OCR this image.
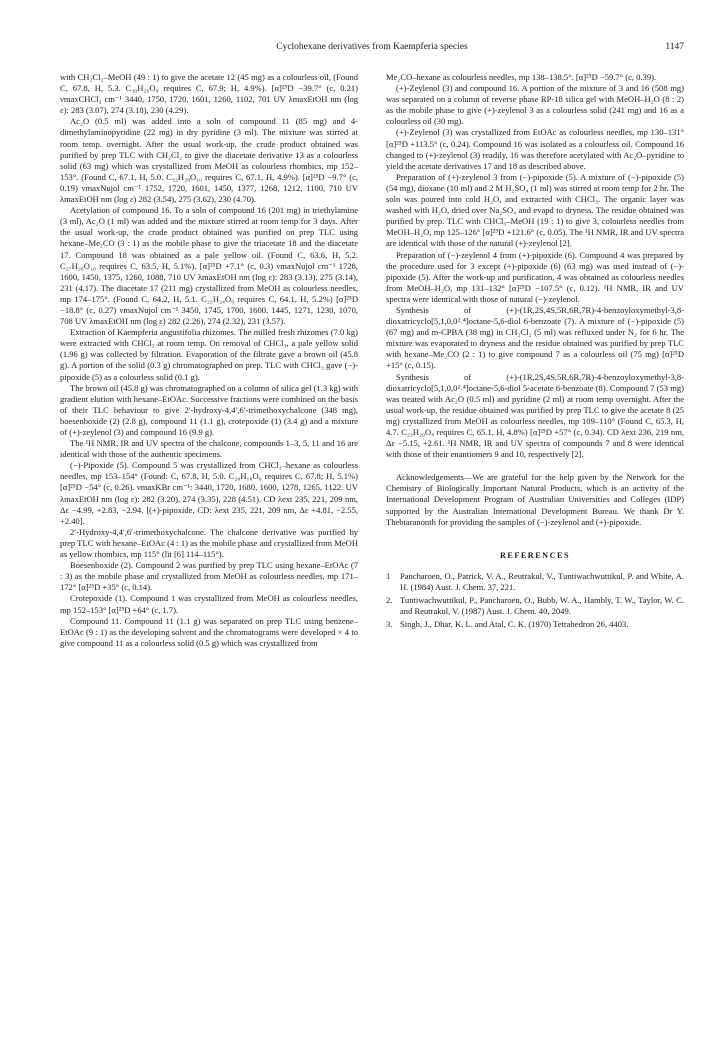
Cyclohexane derivatives from Kaempferia species	1147

with CH₂Cl₂–MeOH (49 : 1) to give the acetate 12 (45 mg) as a colourless oil, (Found C, 67.8, H, 5.3. C₃₀H₂₆O₉ requires C, 67.9; H, 4.9%). [α]²⁵D −39.7° (c, 0.21) νmaxCHCl₃ cm⁻¹ 3440, 1750, 1720, 1601, 1260, 1102, 701 UV λmaxEtOH nm (log ε): 283 (3.07), 274 (3.18), 230 (4.29).

Ac₂O (0.5 ml) was added into a soln of compound 11 (85 mg) and 4-dimethylaminopyridine (22 mg) in dry pyridine (3 ml). The mixture was stirred at room temp. overnight. After the usual work-up, the crude product obtained was purified by prep TLC with CH₂Cl₂ to give the diacetate derivative 13 as a colourless solid (63 mg) which was crystallized from MeOH as colourless rhombics, mp 152–153°. (Found C, 67.1, H, 5.0. C₃₂H₂₈O₁₀ requires C, 67.1, H, 4.9%). [α]²⁵D −9.7° (c, 0.19) νmaxNujol cm⁻¹ 1752, 1720, 1601, 1450, 1377, 1268, 1212, 1100, 710 UV λmaxEtOH nm (log ε) 282 (3.54), 275 (3.62), 230 (4.70).

Acetylation of compound 16. To a soln of compound 16 (201 mg) in triethylamine (3 ml), Ac₂O (1 ml) was added and the mixture stirred at room temp for 3 days. After the usual work-up, the crude product obtained was purified on prep TLC using hexane–Me₂CO (3 : 1) as the mobile phase to give the triacetate 18 and the diacetate 17. Compound 18 was obtained as a pale yellow oil. (Found C, 63.6, H, 5.2. C₂₇H₂₆O₁₀ requires C, 63.5, H, 5.1%). [α]²⁵D +7.1° (c, 0.3) νmaxNujol cm⁻¹ 1728, 1600, 1450, 1375, 1260, 1088, 710 UV λmaxEtOH nm (log ε): 283 (3.13), 275 (3.14), 231 (4.17). The diacetate 17 (211 mg) crystallized from MeOH as colourless needles, mp 174–175°. (Found C, 64.2, H, 5.1. C₂₅H₂₄O₉ requires C, 64.1, H, 5.2%) [α]²⁵D −18.8° (c, 0.27) νmaxNujol cm⁻¹ 3450, 1745, 1700, 1600, 1445, 1271, 1230, 1070, 708 UV λmaxEtOH nm (log ε) 282 (2.26), 274 (2.32), 231 (3.57).

Extraction of Kaempferia angustifolia rhizomes. The milled fresh rhizomes (7.0 kg) were extracted with CHCl₃ at room temp. On removal of CHCl₃, a pale yellow solid (1.96 g) was collected by filtration. Evaporation of the filtrate gave a brown oil (45.8 g). A portion of the solid (0.3 g) chromatographed on prep. TLC with CHCl₃ gave (−)-pipoxide (5) as a colourless solid (0.1 g).

The brown oil (45.8 g) was chromatographed on a column of silica gel (1.3 kg) with gradient elution with hexane–EtOAc. Successive fractions were combined on the basis of their TLC behaviour to give 2′-hydroxy-4,4′,6′-trimethoxychalcone (348 mg), boesenboxide (2) (2.8 g), compound 11 (1.1 g), crotepoxide (1) (3.4 g) and a mixture of (+)-zeylenol (3) and compound 16 (9.9 g).

The ¹H NMR, IR and UV spectra of the chalcone, compounds 1–3, 5, 11 and 16 are identical with those of the authentic specimens.

(−)-Pipoxide (5). Compound 5 was crystallized from CHCl₃–hexane as colourless needles, mp 153–154° (Found: C, 67.8, H, 5.0. C₂₀H₁₈O₆ requires C, 67.8; H, 5.1%) [α]²⁵D −54° (c, 0.26). νmaxKBr cm⁻¹: 3440, 1720, 1680, 1600, 1278, 1265, 1122. UV λmaxEtOH nm (log ε): 282 (3.20), 274 (3.35), 228 (4.51). CD λext 235, 221, 209 nm, Δε −4.99, +2.83, −2.94. [(+)-pipoxide, CD: λext 235, 221, 209 nm, Δε +4.81, −2.55, +2.40].

2′-Hydroxy-4,4′,6′-trimethoxychalcone. The chalcone derivative was purified by prep TLC with hexane–EtOAc (4 : 1) as the mobile phase and crystallized from MeOH as yellow rhombics, mp 115° (lit [6] 114–115°).

Boesenboxide (2). Compound 2 was purified by prep TLC using hexane–EtOAc (7 : 3) as the mobile phase and crystallized from MeOH as colourless needles, mp 171–172° [α]²⁵D +35° (c, 0.14).

Crotepoxide (1). Compound 1 was crystallized from MeOH as colourless needles, mp 152–153° [α]²⁵D +64° (c, 1.7).

Compound 11. Compound 11 (1.1 g) was separated on prep TLC using benzene–EtOAc (9 : 1) as the developing solvent and the chromatograms were developed × 4 to give compound 11 as a colourless solid (0.5 g) which was crystallized from

Me₂CO–hexane as colourless needles, mp 138–138.5°. [α]²⁵D −59.7° (c, 0.39).

(+)-Zeylenol (3) and compound 16. A portion of the mixture of 3 and 16 (508 mg) was separated on a column of reverse phase RP-18 silica gel with MeOH–H₂O (8 : 2) as the mobile phase to give (+)-zeylenol 3 as a colourless solid (241 mg) and 16 as a colourless oil (30 mg).

(+)-Zeylenol (3) was crystallized from EtOAc as colourless needles, mp 130–131° [α]²⁵D +113.5° (c, 0.24). Compound 16 was isolated as a colourless oil. Compound 16 changed to (+)-zeylenol (3) readily, 16 was therefore acetylated with Ac₂O–pyridine to yield the acetate derivatives 17 and 18 as described above.

Preparation of (+)-zeylenol 3 from (−)-pipoxide (5). A mixture of (−)-pipoxide (5) (54 mg), dioxane (10 ml) and 2 M H₂SO₄ (1 ml) was stirred at room temp for 2 hr. The soln was poured into cold H₂O, and extracted with CHCl₃. The organic layer was washed with H₂O, dried over Na₂SO₄ and evapd to dryness. The residue obtained was purified by prep. TLC with CHCl₃–MeOH (19 : 1) to give 3, colourless needles from MeOH–H₂O, mp 125–126° [α]²⁵D +121.6° (c, 0.05). The ¹H NMR, IR and UV spectra are identical with those of the natural (+)-zeylenol [2].

Preparation of (−)-zeylenol 4 from (+)-pipoxide (6). Compound 4 was prepared by the procedure used for 3 except (+)-pipoxide (6) (63 mg) was used instead of (−)-pipoxide (5). After the work-up and purification, 4 was obtained as colourless needles from MeOH–H₂O, mp 131–132° [α]²⁵D −107.5° (c, 0.12). ¹H NMR, IR and UV spectra were identical with those of natural (−)-zeylenol.

Synthesis of (+)-(1R,2S,4S,5R,6R,7R)-4-benzoyloxymethyl-3,8-dioxatricyclo[5,1,0,0²˒⁴]octane-5,6-diol 6-benzoate (7). A mixture of (−)-pipoxide (5) (67 mg) and m-CPBA (38 mg) in CH₂Cl₂ (5 ml) was refluxed under N₂ for 6 hr. The mixture was evaporated to dryness and the residue obtained was purified by prep TLC with hexane–Me₂CO (2 : 1) to give compound 7 as a colourless oil (75 mg) [α]²⁵D +15° (c, 0.15).

Synthesis of (+)-(1R,2S,4S,5R,6R,7R)-4-benzoyloxymethyl-3,8-dioxatricyclo[5,1,0,0²˒⁴]octane-5,6-diol 5-acetate 6-benzoate (8). Compound 7 (53 mg) was treated with Ac₂O (0.5 ml) and pyridine (2 ml) at room temp overnight. After the usual work-up, the residue obtained was purified by prep TLC to give the acetate 8 (25 mg) crystallized from MeOH as colourless needles, mp 109–110° (Found C, 65.3, H, 4.7. C₂₃H₂₀O₈ requires C, 65.1, H, 4.8%) [α]²⁵D +57° (c, 0.34). CD λext 236, 219 nm, Δε −5.15, +2.61. ¹H NMR, IR and UV spectra of compounds 7 and 8 were identical with those of their enantiomers 9 and 10, respectively [2].

Acknowledgements—We are grateful for the help given by the Network for the Chemistry of Biologically Important Natural Products, which is an activity of the International Development Program of Australian Universities and Colleges (IDP) supported by the Australian International Development Bureau. We thank Dr Y. Thebtaranonth for providing the samples of (−)-zeylenol and (+)-pipoxide.

REFERENCES
1 Pancharoen, O., Patrick, V. A., Reutrakul, V., Tuntiwachwuttikul, P. and White, A. H. (1984) Aust. J. Chem. 37, 221.
2. Tuntiwachwuttikul, P., Pancharoen, O., Bubb, W. A., Hambly, T. W., Taylor, W. C. and Reutrakul, V. (1987) Aust. J. Chem. 40, 2049.
3. Singh, J., Dhar, K. L. and Atal, C. K. (1970) Tetrahedron 26, 4403.
